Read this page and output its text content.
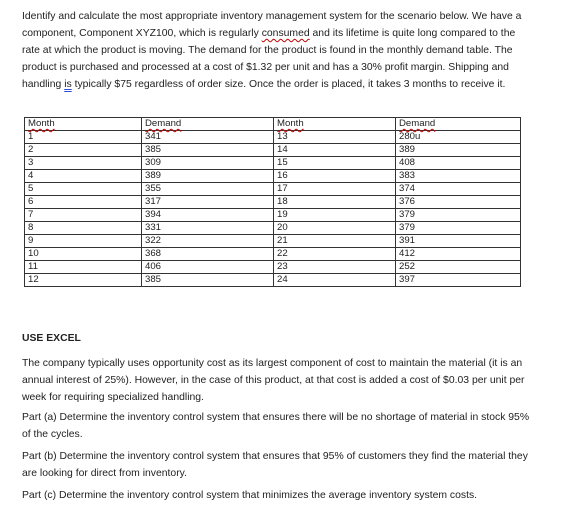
Identify and calculate the most appropriate inventory management system for the scenario below. We have a component, Component XYZ100, which is regularly consumed and its lifetime is quite long compared to the rate at which the product is moving. The demand for the product is found in the monthly demand table. The product is purchased and processed at a cost of $1.32 per unit and has a 30% profit margin. Shipping and handling is typically $75 regardless of order size. Once the order is placed, it takes 3 months to receive it.

Month	Demand	Month	Demand
1	341	13	280u
2	385	14	389
3	309	15	408
4	389	16	383
5	355	17	374
6	317	18	376
7	394	19	379
8	331	20	379
9	322	21	391
10	368	22	412
11	406	23	252
12	385	24	397
USE EXCEL

The company typically uses opportunity cost as its largest component of cost to maintain the material (it is an annual interest of 25%). However, in the case of this product, at that cost is added a cost of $0.03 per unit per week for requiring specialized handling.

Part (a) Determine the inventory control system that ensures there will be no shortage of material in stock 95% of the cycles.

Part (b) Determine the inventory control system that ensures that 95% of customers they find the material they are looking for direct from inventory.

Part (c) Determine the inventory control system that minimizes the average inventory system costs.
